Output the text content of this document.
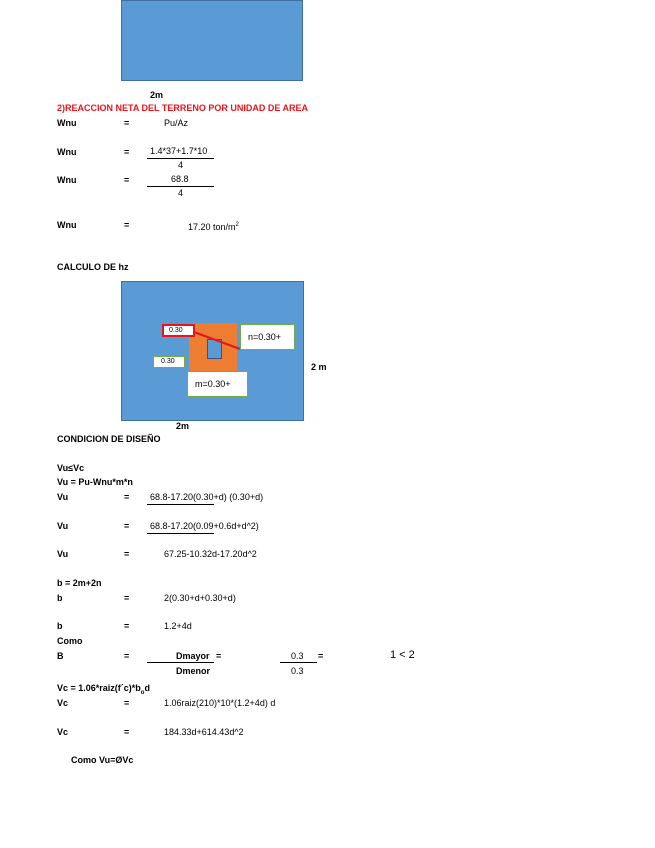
2m
2)REACCION NETA DEL TERRENO POR UNIDAD DE AREA
Wnu	=	Pu/Az
Wnu	= 1.4*37+1.7*10
4
Wnu	=	68.8
4
Wnu	=	17.20 ton/$m^2$
CALCULO DE hz
0.30
0.30
n=0.30+
m=0.30+
2 m
2m
CONDICION DE DISEÑO
Vu≤Vc
Vu = Pu-Wnu*m*n
Vu	= 68.8-17.20(0.30+d) (0.30+d)
Vu	= 68.8-17.20(0.09+0.6d+d^2)
Vu	=	67.25-10.32d-17.20d^2
b = 2m+2n
b	=	2(0.30+d+0.30+d)
b	=	1.2+4d
Como
B	=	Dmayor
Dmenor
=	0.3
0.3
=	1 < 2
$Vc = 1.06*raiz(f´c)*b_od$
Vc	=	1.06raiz(210)*10*(1.2+4d) d
Vc	=	184.33d+614.43d^2
Como Vu=ØVc
